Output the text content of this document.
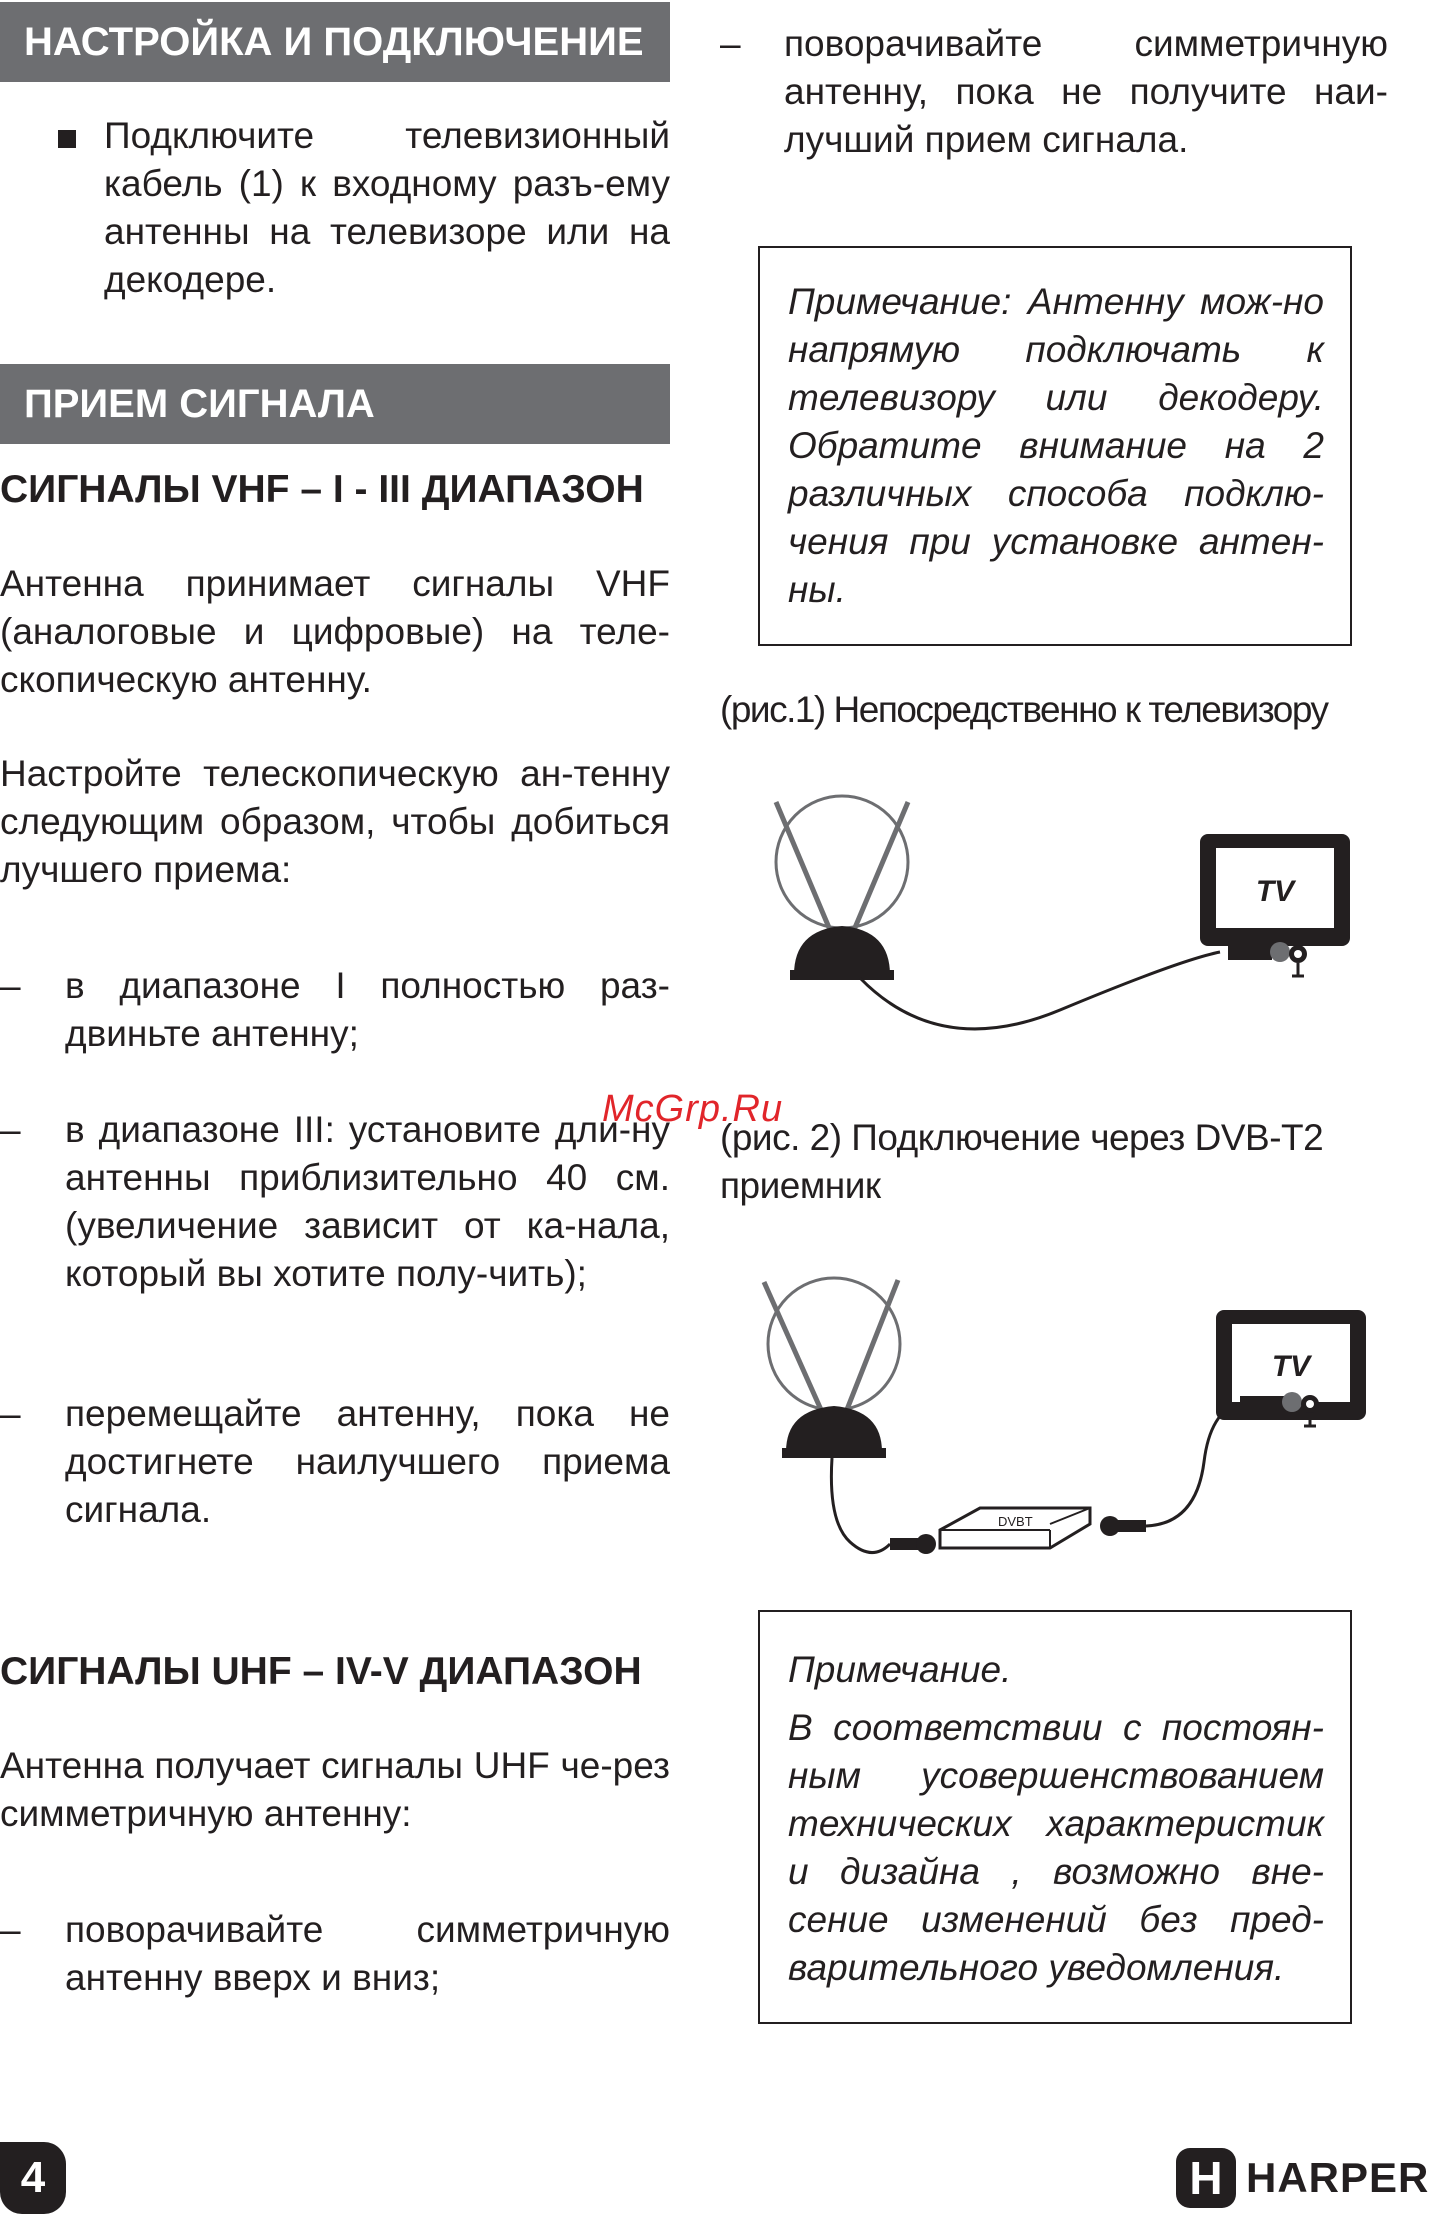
НАСТРОЙКА И ПОДКЛЮЧЕНИЕ
Подключите телевизионный кабель (1) к входному разъ-ему антенны на телевизоре или на декодере.
ПРИЕМ СИГНАЛА
СИГНАЛЫ VHF – I - III ДИАПАЗОН
Антенна принимает сигналы VHF (аналоговые и цифровые) на теле-скопическую антенну.
Настройте телескопическую ан-тенну следующим образом, чтобы добиться лучшего приема:
– в диапазоне I полностью раз-двиньте антенну;
– в диапазоне III: установите дли-ну антенны приблизительно 40 см. (увеличение зависит от ка-нала, который вы хотите полу-чить);
– перемещайте антенну, пока не достигнете наилучшего приема сигнала.
СИГНАЛЫ UHF – IV-V ДИАПАЗОН
Антенна получает сигналы UHF че-рез симметричную антенну:
– поворачивайте симметричную антенну вверх и вниз;
– поворачивайте симметричную антенну, пока не получите наи-лучший прием сигнала.
Примечание: Антенну мож-но напрямую подключать к телевизору или декодеру. Обратите внимание на 2 различных способа подклю-чения при установке антен-ны.
(рис.1) Непосредственно к телевизору
TV
McGrp.Ru
(рис. 2) Подключение через DVB-T2 приемник
DVBT
TV
Примечание.
В соответствии с постоян-ным усовершенствованием технических характеристик и дизайна , возможно вне-сение изменений без пред-варительного уведомления.
4	H HARPER
